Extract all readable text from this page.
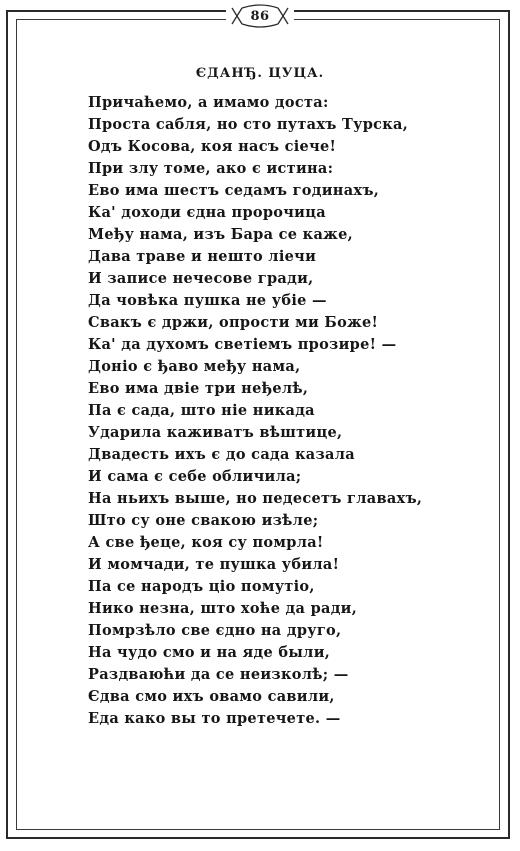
86
ЄДАНЂ. ЦУЦА.
Причаћемо, а имамо доста:
Проста сабля, но сто путахъ Турска,
Одъ Косова, коя насъ сіече!
При злу томе, ако є истина:
Ево има шестъ седамъ годинахъ,
Ка' доходи єдна пророчица
Међу нама, изъ Бара се каже,
Дава траве и нешто ліечи
И записе нечесове гради,
Да човѣка пушка не убіе —
Свакъ є држи, опрости ми Боже!
Ка' да духомъ светіемъ прозире! —
Доніо є ђаво међу нама,
Ево има двіе три неђелѣ,
Па є сада, што ніе никада
Ударила каживатъ вѣштице,
Двадесть ихъ є до сада казала
И сама є себе обличила;
На ньихъ выше, но педесетъ главахъ,
Што су оне свакою изѣле;
А све ђеце, коя су помрла!
И момчади, те пушка убила!
Па се народъ ціо помутіо,
Нико незна, што хоће да ради,
Помрзѣло све єдно на друго,
На чудо смо и на яде были,
Раздваюћи да се неизколѣ; —
Єдва смо ихъ овамо савили,
Еда како вы то претечете. —
